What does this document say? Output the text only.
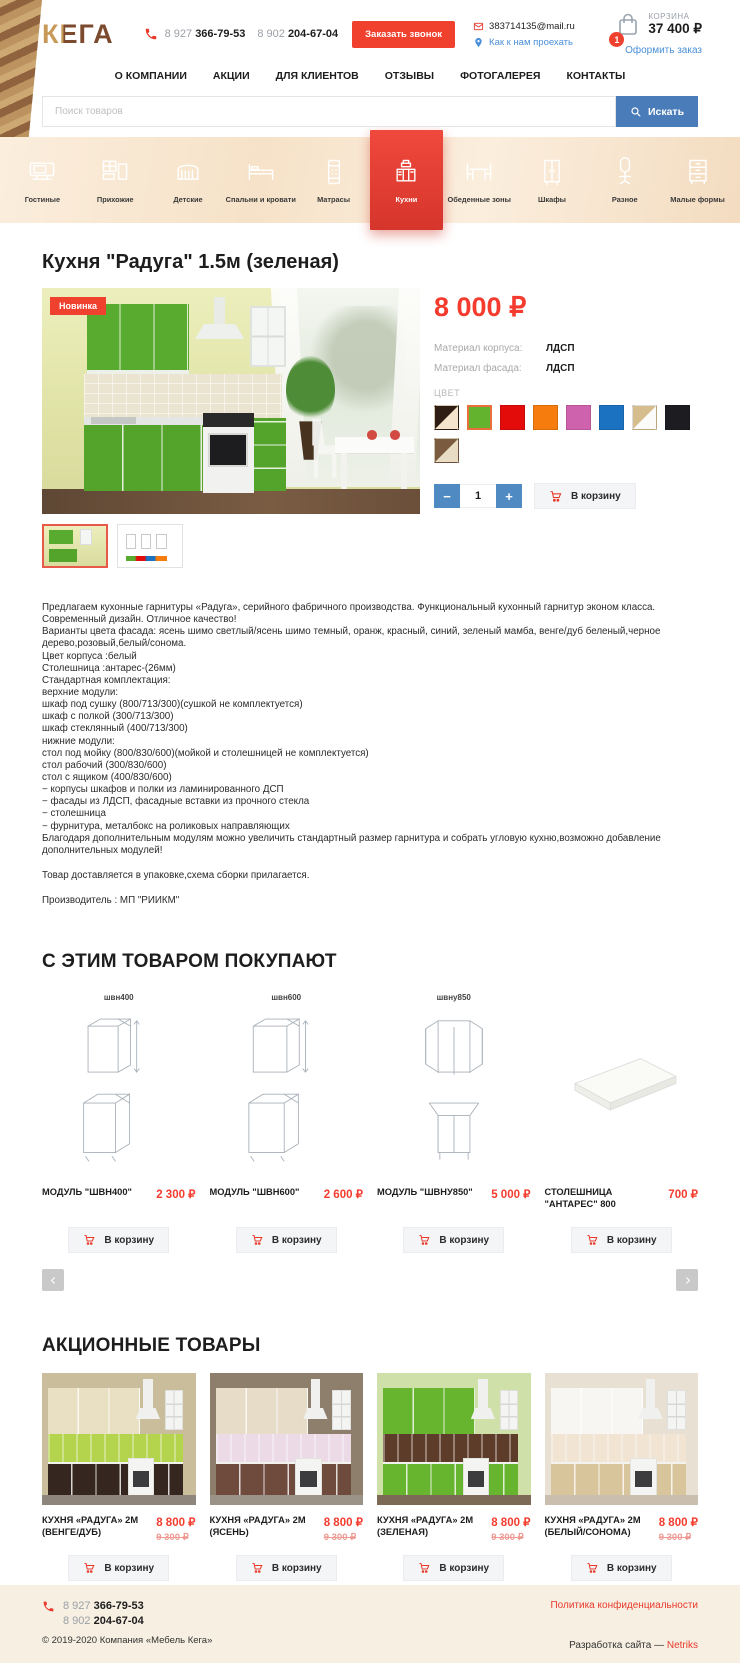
КЕГА	8 927 366-79-53 8 902 204-67-04	Заказать звонок
383714135@mail.ru
Как к нам проехать	1
КОРЗИНА
37 400 ₽
Оформить заказ
О КОМПАНИИ АКЦИИ ДЛЯ КЛИЕНТОВ ОТЗЫВЫ ФОТОГАЛЕРЕЯ КОНТАКТЫ
Поиск товаров
Искать
Гостиные	Прихожие	Детские	Спальни и кровати	Матрасы	Кухни	Обеденные зоны	Шкафы	Разное	Малые формы
Кухня "Радуга" 1.5м (зеленая)
Новинка	8 000 ₽
Материал корпуса:	ЛДСП
Материал фасада:	ЛДСП
ЦВЕТ
−
1	+	В корзину
Предлагаем кухонные гарнитуры «Радуга», серийного фабричного производства. Функциональный кухонный гарнитур эконом класса. Современный дизайн. Отличное качество!
Варианты цвета фасада: ясень шимо светлый/ясень шимо темный, оранж, красный, синий, зеленый мамба, венге/дуб беленый,черное дерево,розовый,белый/сонома.
Цвет корпуса :белый
Столешница :антарес-(26мм)
Стандартная комплектация:
верхние модули:
шкаф под сушку (800/713/300)(сушкой не комплектуется)
шкаф с полкой (300/713/300)
шкаф стеклянный (400/713/300)
нижние модули:
стол под мойку (800/830/600)(мойкой и столешницей не комплектуется)
стол рабочий (300/830/600)
стол с ящиком (400/830/600)
− корпусы шкафов и полки из ламинированного ДСП
− фасады из ЛДСП, фасадные вставки из прочного стекла
− столешница
− фурнитура, металбокс на роликовых направляющих
Благодаря дополнительным модулям можно увеличить стандартный размер гарнитура и собрать угловую кухню,возможно добавление дополнительных модулей!
Товар доставляется в упаковке,схема сборки прилагается.
Производитель : МП "РИИКМ"
С ЭТИМ ТОВАРОМ ПОКУПАЮТ
швн400
МОДУЛЬ "ШВН400" 2 300 ₽
В корзину
швн600
МОДУЛЬ "ШВН600" 2 600 ₽
В корзину
швну850
МОДУЛЬ "ШВНУ850" 5 000 ₽
В корзину
СТОЛЕШНИЦА "АНТАРЕС" 800
700 ₽
В корзину
АКЦИОННЫЕ ТОВАРЫ
КУХНЯ «РАДУГА» 2М (ВЕНГЕ/ДУБ)
8 800 ₽
9 300 ₽
В корзину
КУХНЯ «РАДУГА» 2М (ЯСЕНЬ)
8 800 ₽
9 300 ₽
В корзину
КУХНЯ «РАДУГА» 2М (ЗЕЛЕНАЯ)
8 800 ₽
9 300 ₽
В корзину
КУХНЯ «РАДУГА» 2М (БЕЛЫЙ/СОНОМА)
8 800 ₽
9 300 ₽
В корзину
8 927 366-79-53
8 902 204-67-04
© 2019-2020 Компания «Мебель Кега»
Политика конфиденциальности
Разработка сайта — Netriks
